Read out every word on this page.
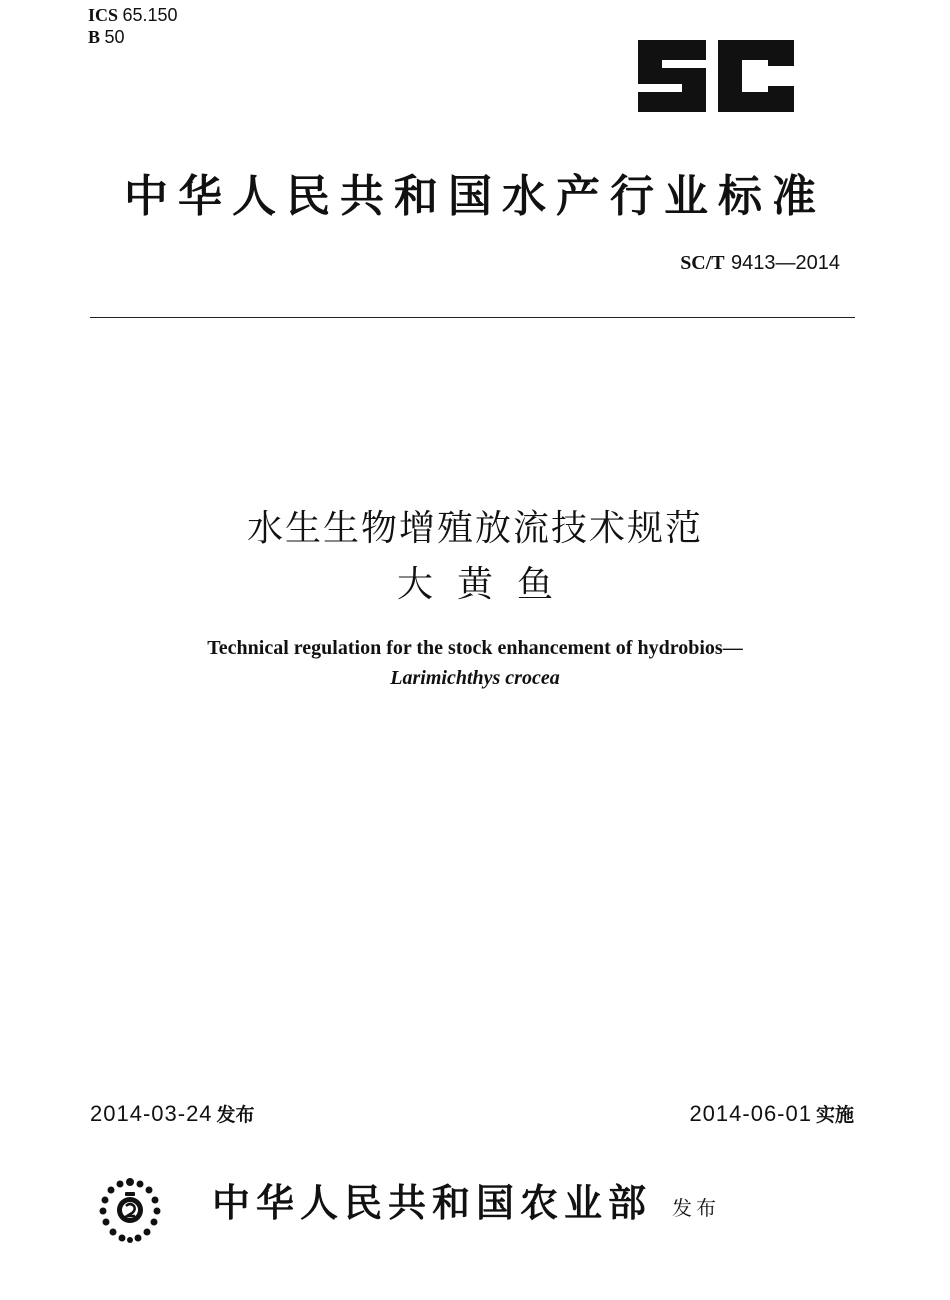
ICS 65.150
B 50
中华人民共和国水产行业标准
SC/T 9413—2014
水生生物增殖放流技术规范
大黄鱼
Technical regulation for the stock enhancement of hydrobios—
Larimichthys crocea
2014-03-24 发布	2014-06-01 实施
中华人民共和国农业部 发布
